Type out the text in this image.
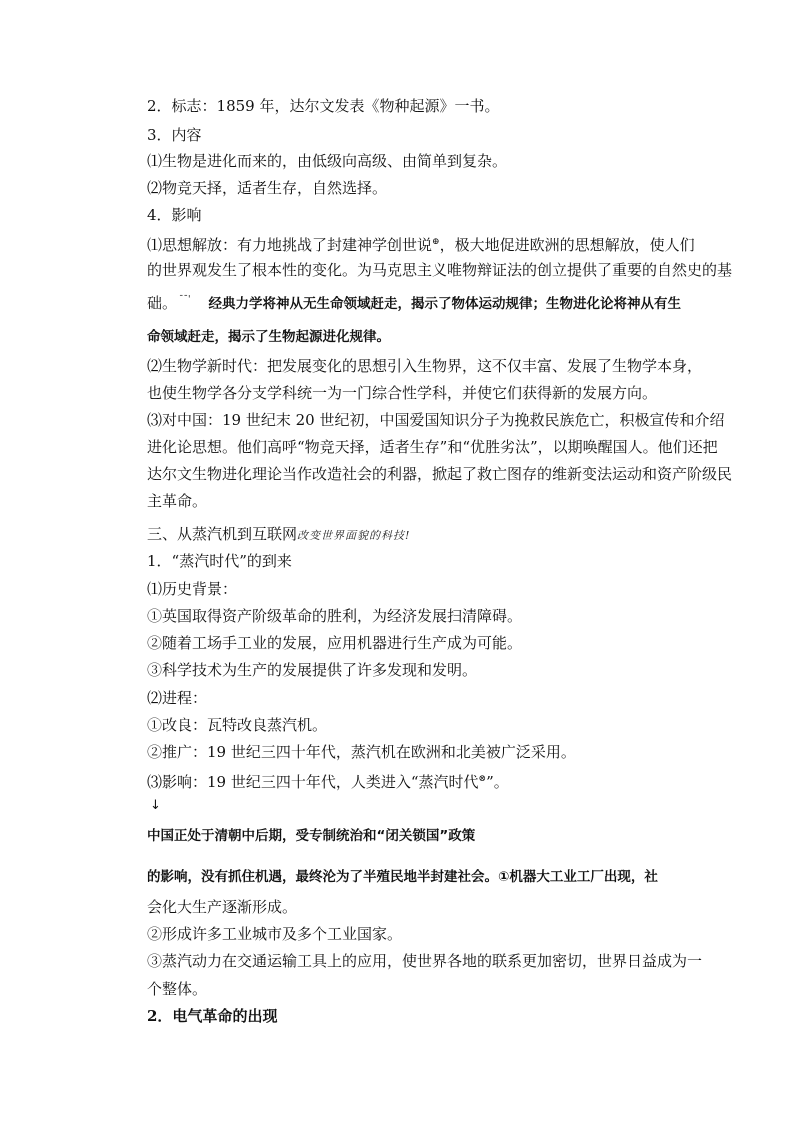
2．标志：1859 年，达尔文发表《物种起源》一书。
3．内容
⑴生物是进化而来的，由低级向高级、由简单到复杂。
⑵物竞天择，适者生存，自然选择。
4．影响
⑴思想解放：有力地挑战了封建神学创世说⊕，极大地促进欧洲的思想解放，使人们
的世界观发生了根本性的变化。为马克思主义唯物辩证法的创立提供了重要的自然史的基
础。 ¯¯' 经典力学将神从无生命领域赶走，揭示了物体运动规律；生物进化论将神从有生
命领域赶走，揭示了生物起源进化规律。
⑵生物学新时代：把发展变化的思想引入生物界，这不仅丰富、发展了生物学本身，
也使生物学各分支学科统一为一门综合性学科，并使它们获得新的发展方向。
⑶对中国：19 世纪末 20 世纪初，中国爱国知识分子为挽救民族危亡，积极宣传和介绍
进化论思想。他们高呼“物竞天择，适者生存”和“优胜劣汰”，以期唤醒国人。他们还把
达尔文生物进化理论当作改造社会的利器，掀起了救亡图存的维新变法运动和资产阶级民
主革命。
三、从蒸汽机到互联网改变世界面貌的科技!
1．“蒸汽时代”的到来
⑴历史背景：
①英国取得资产阶级革命的胜利，为经济发展扫清障碍。
②随着工场手工业的发展，应用机器进行生产成为可能。
③科学技术为生产的发展提供了许多发现和发明。
⑵进程：
①改良：瓦特改良蒸汽机。
②推广：19 世纪三四十年代，蒸汽机在欧洲和北美被广泛采用。
⑶影响：19 世纪三四十年代，人类进入“蒸汽时代⊗”。
↓
中国正处于清朝中后期，受专制统治和“闭关锁国”政策
的影响，没有抓住机遇，最终沦为了半殖民地半封建社会。①机器大工业工厂出现，社
会化大生产逐渐形成。
②形成许多工业城市及多个工业国家。
③蒸汽动力在交通运输工具上的应用，使世界各地的联系更加密切，世界日益成为一
个整体。
2．电气革命的出现
